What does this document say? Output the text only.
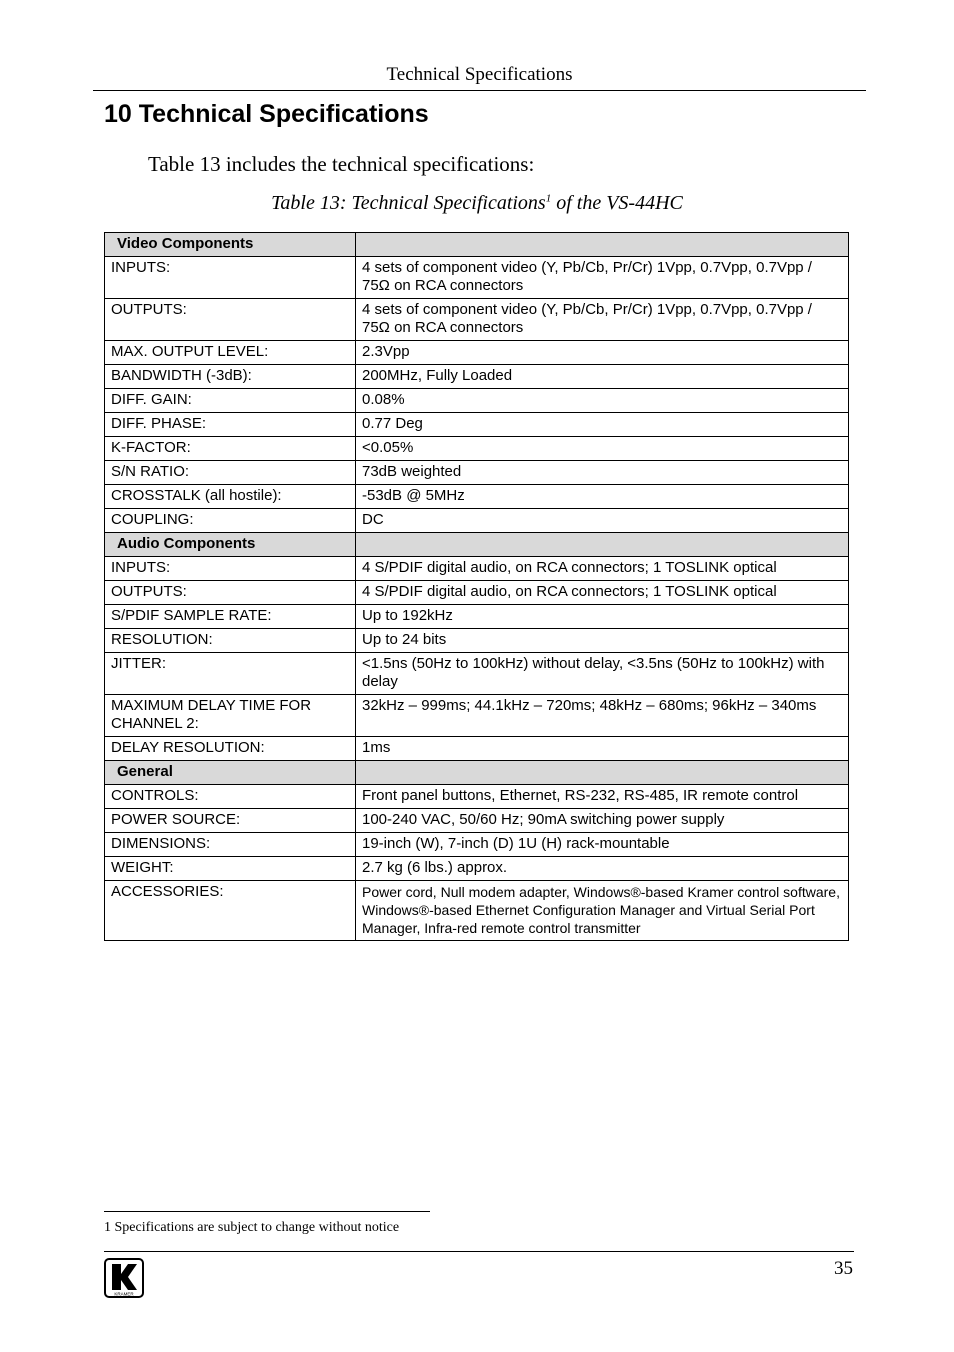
Technical Specifications
10 Technical Specifications
Table 13 includes the technical specifications:
Table 13: Technical Specifications$^1$ of the VS-44HC
Video Components	
INPUTS:	4 sets of component video (Y, Pb/Cb, Pr/Cr) 1Vpp, 0.7Vpp, 0.7Vpp / 75Ω on RCA connectors
OUTPUTS:	4 sets of component video (Y, Pb/Cb, Pr/Cr) 1Vpp, 0.7Vpp, 0.7Vpp / 75Ω on RCA connectors
MAX. OUTPUT LEVEL:	2.3Vpp
BANDWIDTH (-3dB):	200MHz, Fully Loaded
DIFF. GAIN:	0.08%
DIFF. PHASE:	0.77 Deg
K-FACTOR:	<0.05%
S/N RATIO:	73dB weighted
CROSSTALK (all hostile):	-53dB @ 5MHz
COUPLING:	DC
Audio Components	
INPUTS:	4 S/PDIF digital audio, on RCA connectors; 1 TOSLINK optical
OUTPUTS:	4 S/PDIF digital audio, on RCA connectors; 1 TOSLINK optical
S/PDIF SAMPLE RATE:	Up to 192kHz
RESOLUTION:	Up to 24 bits
JITTER:	<1.5ns (50Hz to 100kHz) without delay, <3.5ns (50Hz to 100kHz) with delay
MAXIMUM DELAY TIME FOR CHANNEL 2:	32kHz – 999ms; 44.1kHz – 720ms; 48kHz – 680ms; 96kHz – 340ms
DELAY RESOLUTION:	1ms
General	
CONTROLS:	Front panel buttons, Ethernet, RS-232, RS-485, IR remote control
POWER SOURCE:	100-240 VAC, 50/60 Hz; 90mA switching power supply
DIMENSIONS:	19-inch (W), 7-inch (D) 1U (H) rack-mountable
WEIGHT:	2.7 kg (6 lbs.) approx.
ACCESSORIES:	Power cord, Null modem adapter, Windows®-based Kramer control software, Windows®-based Ethernet Configuration Manager and Virtual Serial Port Manager, Infra-red remote control transmitter
1 Specifications are subject to change without notice
KRAMER
35
